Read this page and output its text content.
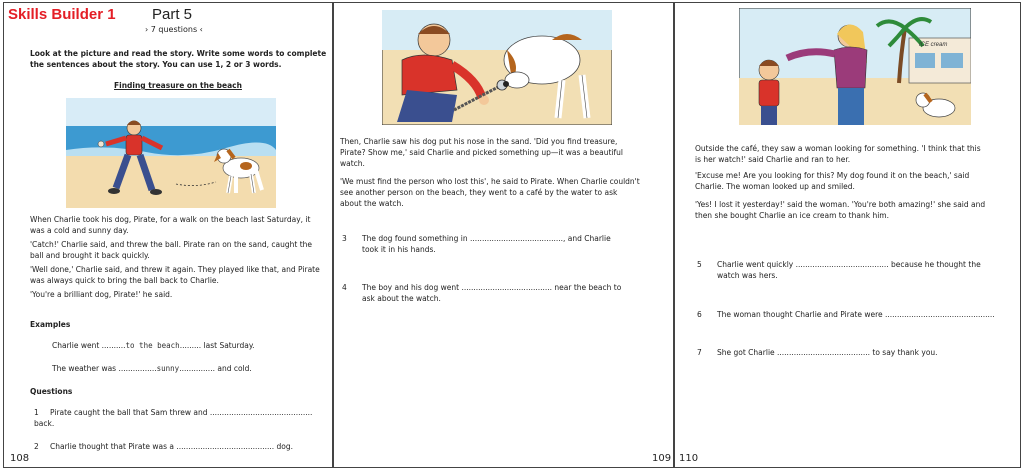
Skills Builder 1 Part 5
› 7 questions ‹
Look at the picture and read the story. Write some words to complete
the sentences about the story. You can use 1, 2 or 3 words.
Finding treasure on the beach
When Charlie took his dog, Pirate, for a walk on the beach last Saturday, it
was a cold and sunny day.
'Catch!' Charlie said, and threw the ball. Pirate ran on the sand, caught the
ball and brought it back quickly.
'Well done,' Charlie said, and threw it again. They played like that, and Pirate
was always quick to bring the ball back to Charlie.
'You're a brilliant dog, Pirate!' he said.
Examples
Charlie went ..........to the beach......... last Saturday.
The weather was ................sunny............... and cold.
Questions
1 Pirate caught the ball that Sam threw and ........................................... back.
2 Charlie thought that Pirate was a ......................................... dog.
108
Then, Charlie saw his dog put his nose in the sand. 'Did you find treasure,
Pirate? Show me,' said Charlie and picked something up—it was a beautiful
watch.
'We must find the person who lost this', he said to Pirate. When Charlie couldn't
see another person on the beach, they went to a café by the water to ask
about the watch.
3 The dog found something in ......................................., and Charlie
took it in his hands.
4 The boy and his dog went ...................................... near the beach to
ask about the watch.
109
ICE cream
Outside the café, they saw a woman looking for something. 'I think that this
is her watch!' said Charlie and ran to her.
'Excuse me! Are you looking for this? My dog found it on the beach,' said
Charlie. The woman looked up and smiled.
'Yes! I lost it yesterday!' said the woman. 'You're both amazing!' she said and
then she bought Charlie an ice cream to thank him.
5 Charlie went quickly ....................................... because he thought the
watch was hers.
6 The woman thought Charlie and Pirate were ..............................................
7 She got Charlie ....................................... to say thank you.
110
